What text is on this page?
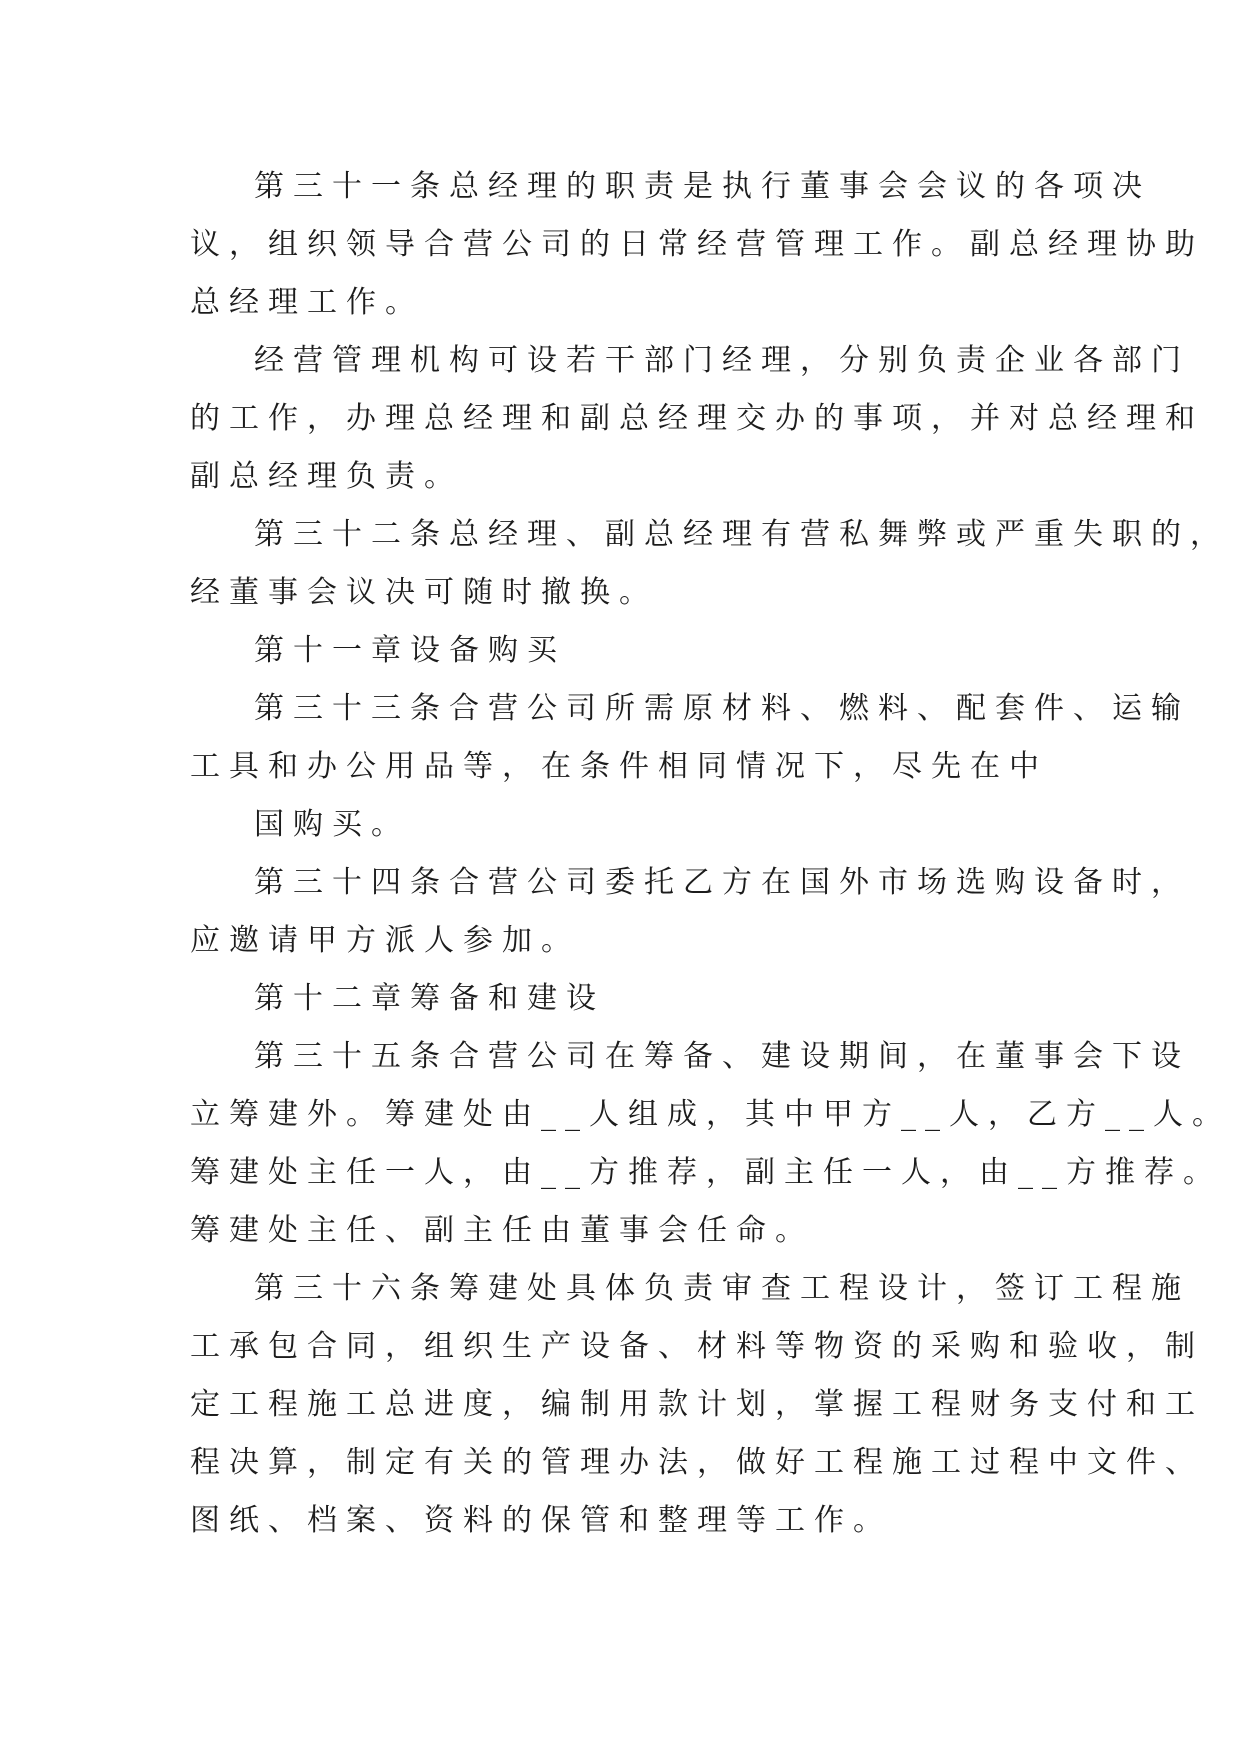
第三十一条总经理的职责是执行董事会会议的各项决
议，组织领导合营公司的日常经营管理工作。副总经理协助
总经理工作。
经营管理机构可设若干部门经理，分别负责企业各部门
的工作，办理总经理和副总经理交办的事项，并对总经理和
副总经理负责。
第三十二条总经理、副总经理有营私舞弊或严重失职的，
经董事会议决可随时撤换。
第十一章设备购买
第三十三条合营公司所需原材料、燃料、配套件、运输
工具和办公用品等，在条件相同情况下，尽先在中
国购买。
第三十四条合营公司委托乙方在国外市场选购设备时，
应邀请甲方派人参加。
第十二章筹备和建设
第三十五条合营公司在筹备、建设期间，在董事会下设
立筹建外。筹建处由__人组成，其中甲方__人，乙方__人。
筹建处主任一人，由__方推荐，副主任一人，由__方推荐。
筹建处主任、副主任由董事会任命。
第三十六条筹建处具体负责审查工程设计，签订工程施
工承包合同，组织生产设备、材料等物资的采购和验收，制
定工程施工总进度，编制用款计划，掌握工程财务支付和工
程决算，制定有关的管理办法，做好工程施工过程中文件、
图纸、档案、资料的保管和整理等工作。
